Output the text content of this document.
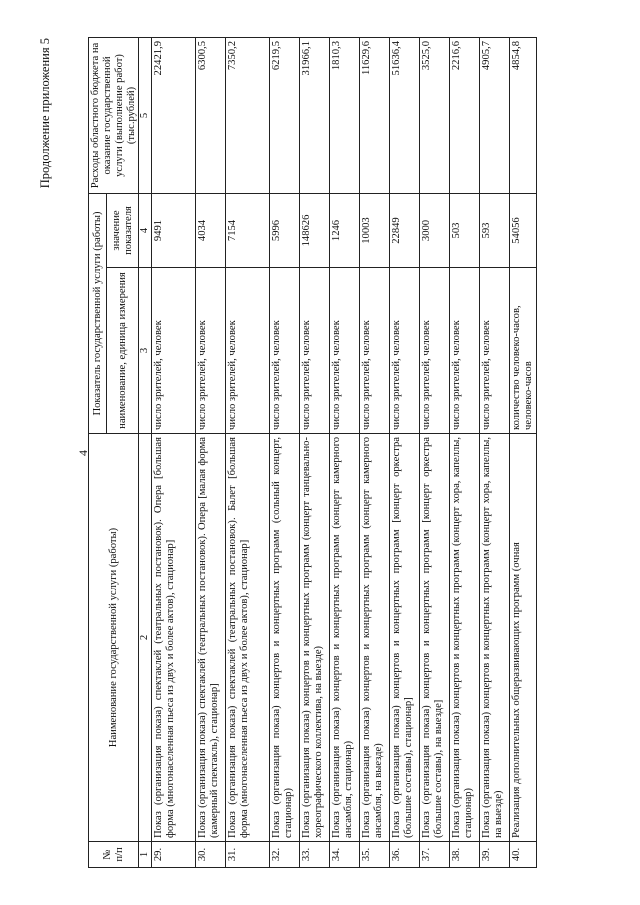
Продолжение приложения 5
4
№ п/п	Наименование государственной услуги (работы)	Показатель государственной услуги (работы)		Расходы областного бюджета на оказание государственной услуги (выполнение работ) (тыс.рублей)
		наименование, единица измерения	значение показателя	
1	2	3	4	5
29.	Показ (организация показа) спектаклей (театральных постановок). Опера [большая форма (многонаселенная пьеса из двух и более актов), стационар]	число зрителей, человек	9491	22421,9
30.	Показ (организация показа) спектаклей (театральных постановок). Опера [малая форма (камерный спектакль), стационар]	число зрителей, человек	4034	6300,5
31.	Показ (организация показа) спектаклей (театральных постановок). Балет [большая форма (многонаселенная пьеса из двух и более актов), стационар]	число зрителей, человек	7154	7350,2
32.	Показ (организация показа) концертов и концертных программ (сольный концерт, стационар)	число зрителей, человек	5996	6219,5
33.	Показ (организация показа) концертов и концертных программ (концерт танцевально-хореографического коллектива, на выезде)	число зрителей, человек	148626	31966,1
34.	Показ (организация показа) концертов и концертных программ (концерт камерного ансамбля, стационар)	число зрителей, человек	1246	1810,3
35.	Показ (организация показа) концертов и концертных программ (концерт камерного ансамбля, на выезде)	число зрителей, человек	10003	11629,6
36.	Показ (организация показа) концертов и концертных программ [концерт оркестра (большие составы), стационар]	число зрителей, человек	22849	51636,4
37.	Показ (организация показа) концертов и концертных программ [концерт оркестра (большие составы), на выезде]	число зрителей, человек	3000	3525,0
38.	Показ (организация показа) концертов и концертных программ (концерт хора, капеллы, стационар)	число зрителей, человек	503	2216,6
39.	Показ (организация показа) концертов и концертных программ (концерт хора, капеллы, на выезде)	число зрителей, человек	593	4905,7
40.	Реализация дополнительных общеразвивающих программ (очная	количество человеко-часов, человеко-часов	54056	4854,8
